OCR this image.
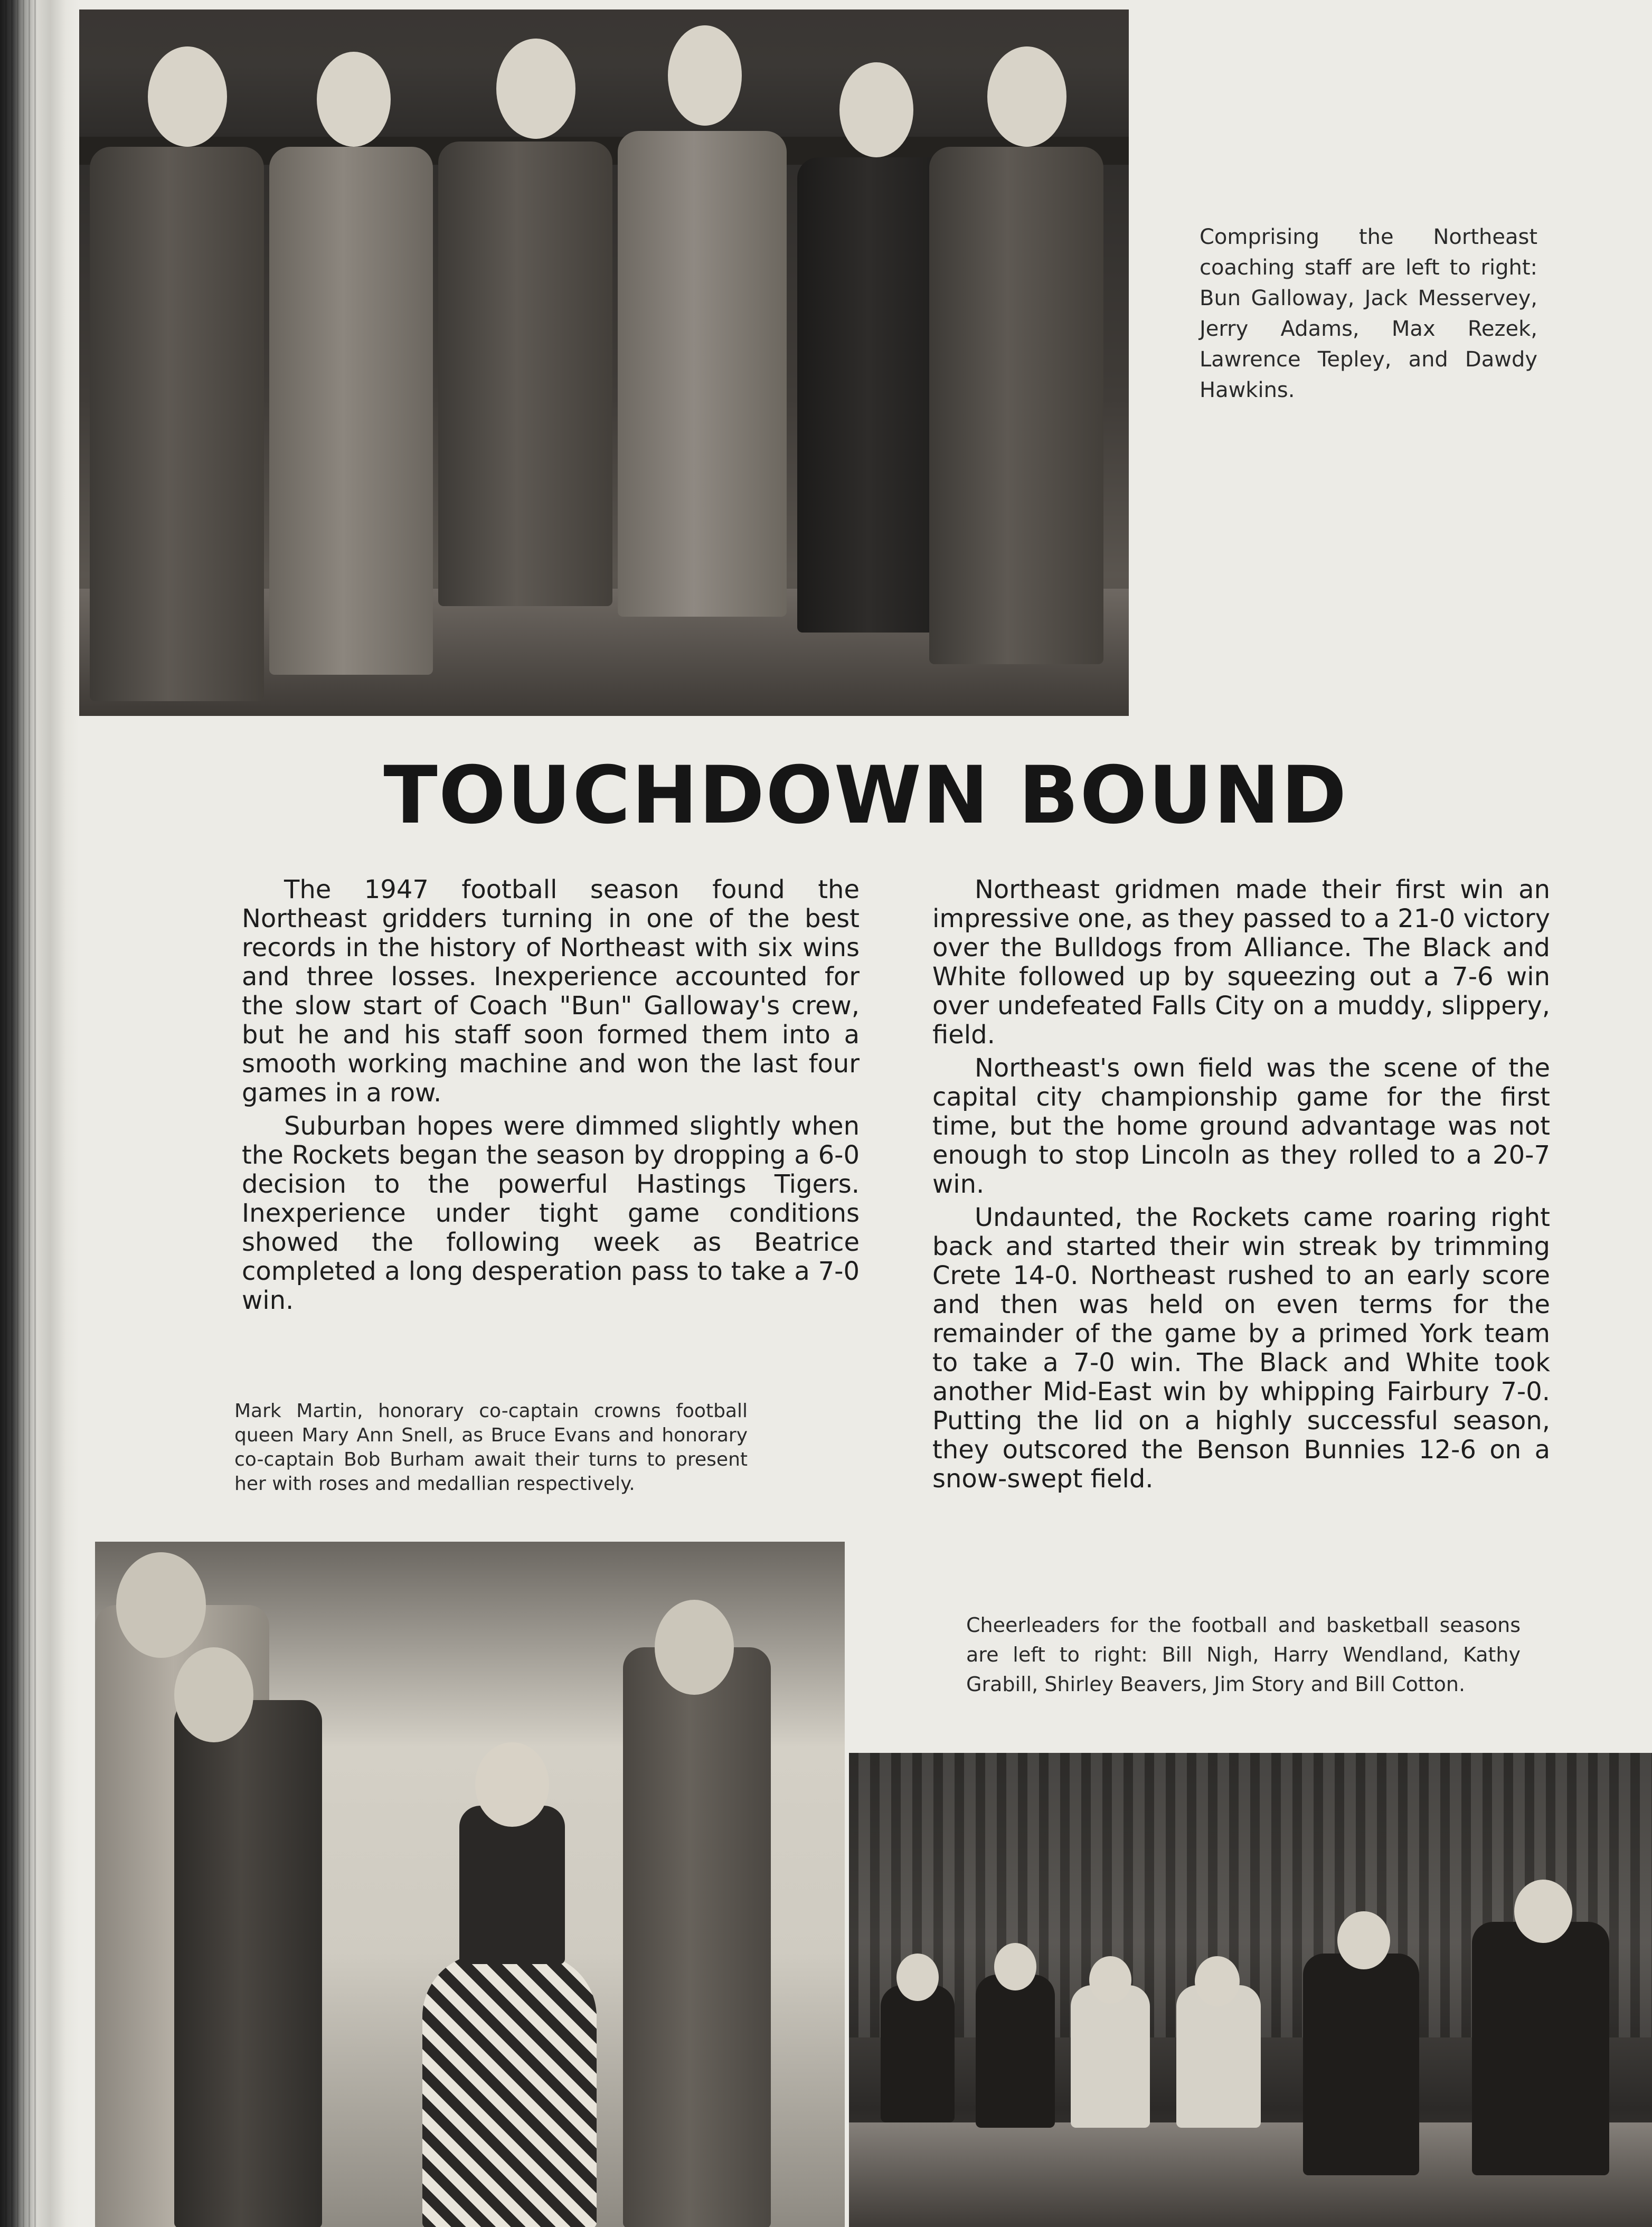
Comprising the Northeast coaching staff are left to right: Bun Galloway, Jack Messervey, Jerry Adams, Max Rezek, Lawrence Tepley, and Dawdy Hawkins.

TOUCHDOWN BOUND

The 1947 football season found the Northeast gridders turning in one of the best records in the history of Northeast with six wins and three losses. Inexperience accounted for the slow start of Coach "Bun" Galloway's crew, but he and his staff soon formed them into a smooth working machine and won the last four games in a row.

Suburban hopes were dimmed slightly when the Rockets began the season by dropping a 6-0 decision to the powerful Hastings Tigers. Inexperience under tight game conditions showed the following week as Beatrice completed a long desperation pass to take a 7-0 win.

Northeast gridmen made their first win an impressive one, as they passed to a 21-0 victory over the Bulldogs from Alliance. The Black and White followed up by squeezing out a 7-6 win over undefeated Falls City on a muddy, slippery, field.

Northeast's own field was the scene of the capital city championship game for the first time, but the home ground advantage was not enough to stop Lincoln as they rolled to a 20-7 win.

Undaunted, the Rockets came roaring right back and started their win streak by trimming Crete 14-0. Northeast rushed to an early score and then was held on even terms for the remainder of the game by a primed York team to take a 7-0 win. The Black and White took another Mid-East win by whipping Fairbury 7-0. Putting the lid on a highly successful season, they outscored the Benson Bunnies 12-6 on a snow-swept field.

Mark Martin, honorary co-captain crowns football queen Mary Ann Snell, as Bruce Evans and honorary co-captain Bob Burham await their turns to present her with roses and medallian respectively.

Cheerleaders for the football and basketball seasons are left to right: Bill Nigh, Harry Wendland, Kathy Grabill, Shirley Beavers, Jim Story and Bill Cotton.
